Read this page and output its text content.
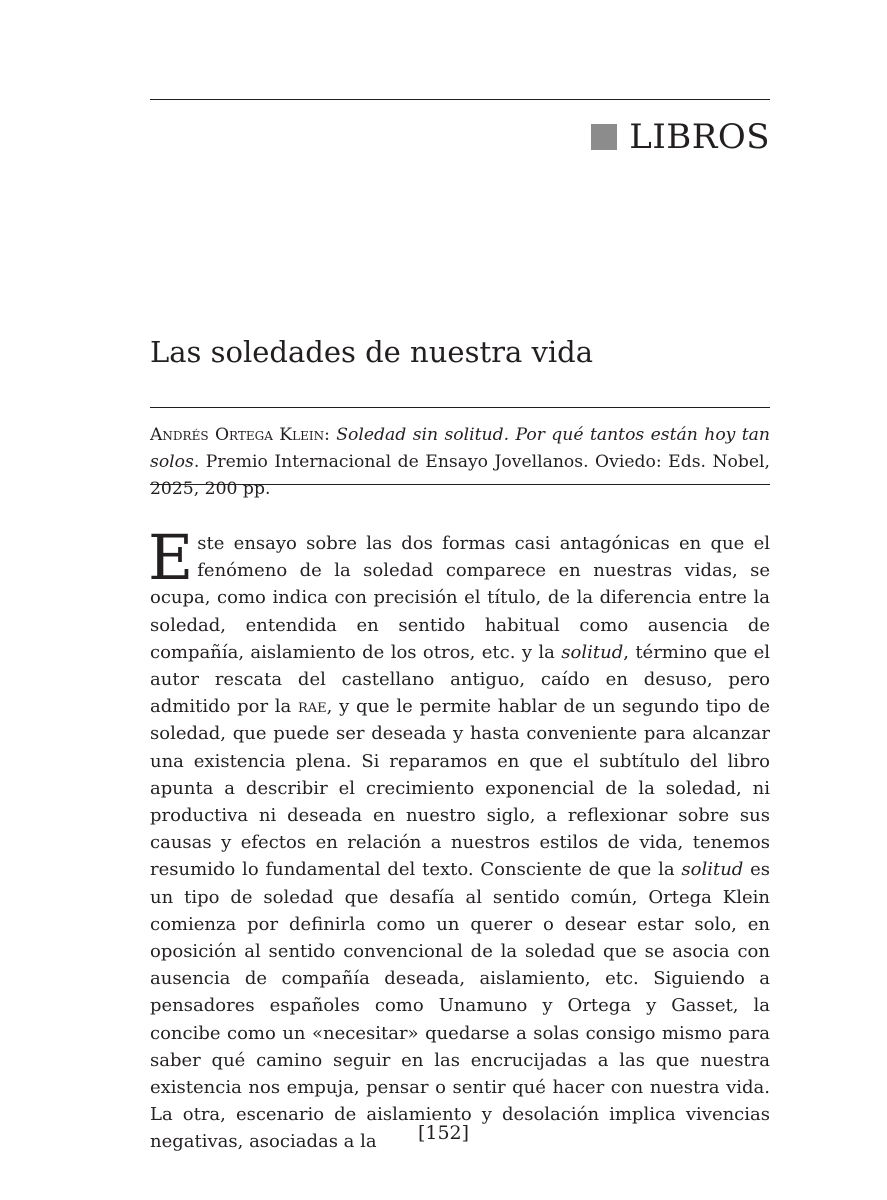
LIBROS
Las soledades de nuestra vida
Andrés Ortega Klein: Soledad sin solitud. Por qué tantos están hoy tan solos. Premio Internacional de Ensayo Jovellanos. Oviedo: Eds. Nobel, 2025, 200 pp.

Este ensayo sobre las dos formas casi antagónicas en que el fenómeno de la soledad comparece en nuestras vidas, se ocupa, como indica con precisión el título, de la diferencia entre la soledad, entendida en sentido habitual como ausencia de compañía, aislamiento de los otros, etc. y la solitud, término que el autor rescata del castellano antiguo, caído en desuso, pero admitido por la rae, y que le permite hablar de un segundo tipo de soledad, que puede ser deseada y hasta conveniente para alcanzar una existencia plena. Si reparamos en que el subtítulo del libro apunta a describir el crecimiento exponencial de la soledad, ni productiva ni deseada en nuestro siglo, a reflexionar sobre sus causas y efectos en relación a nuestros estilos de vida, tenemos resumido lo fundamental del texto. Consciente de que la solitud es un tipo de soledad que desafía al sentido común, Ortega Klein comienza por definirla como un querer o desear estar solo, en oposición al sentido convencional de la soledad que se asocia con ausencia de compañía deseada, aislamiento, etc. Siguiendo a pensadores españoles como Unamuno y Ortega y Gasset, la concibe como un «necesitar» quedarse a solas consigo mismo para saber qué camino seguir en las encrucijadas a las que nuestra existencia nos empuja, pensar o sentir qué hacer con nuestra vida. La otra, escenario de aislamiento y desolación implica vivencias negativas, asociadas a la	[152]
